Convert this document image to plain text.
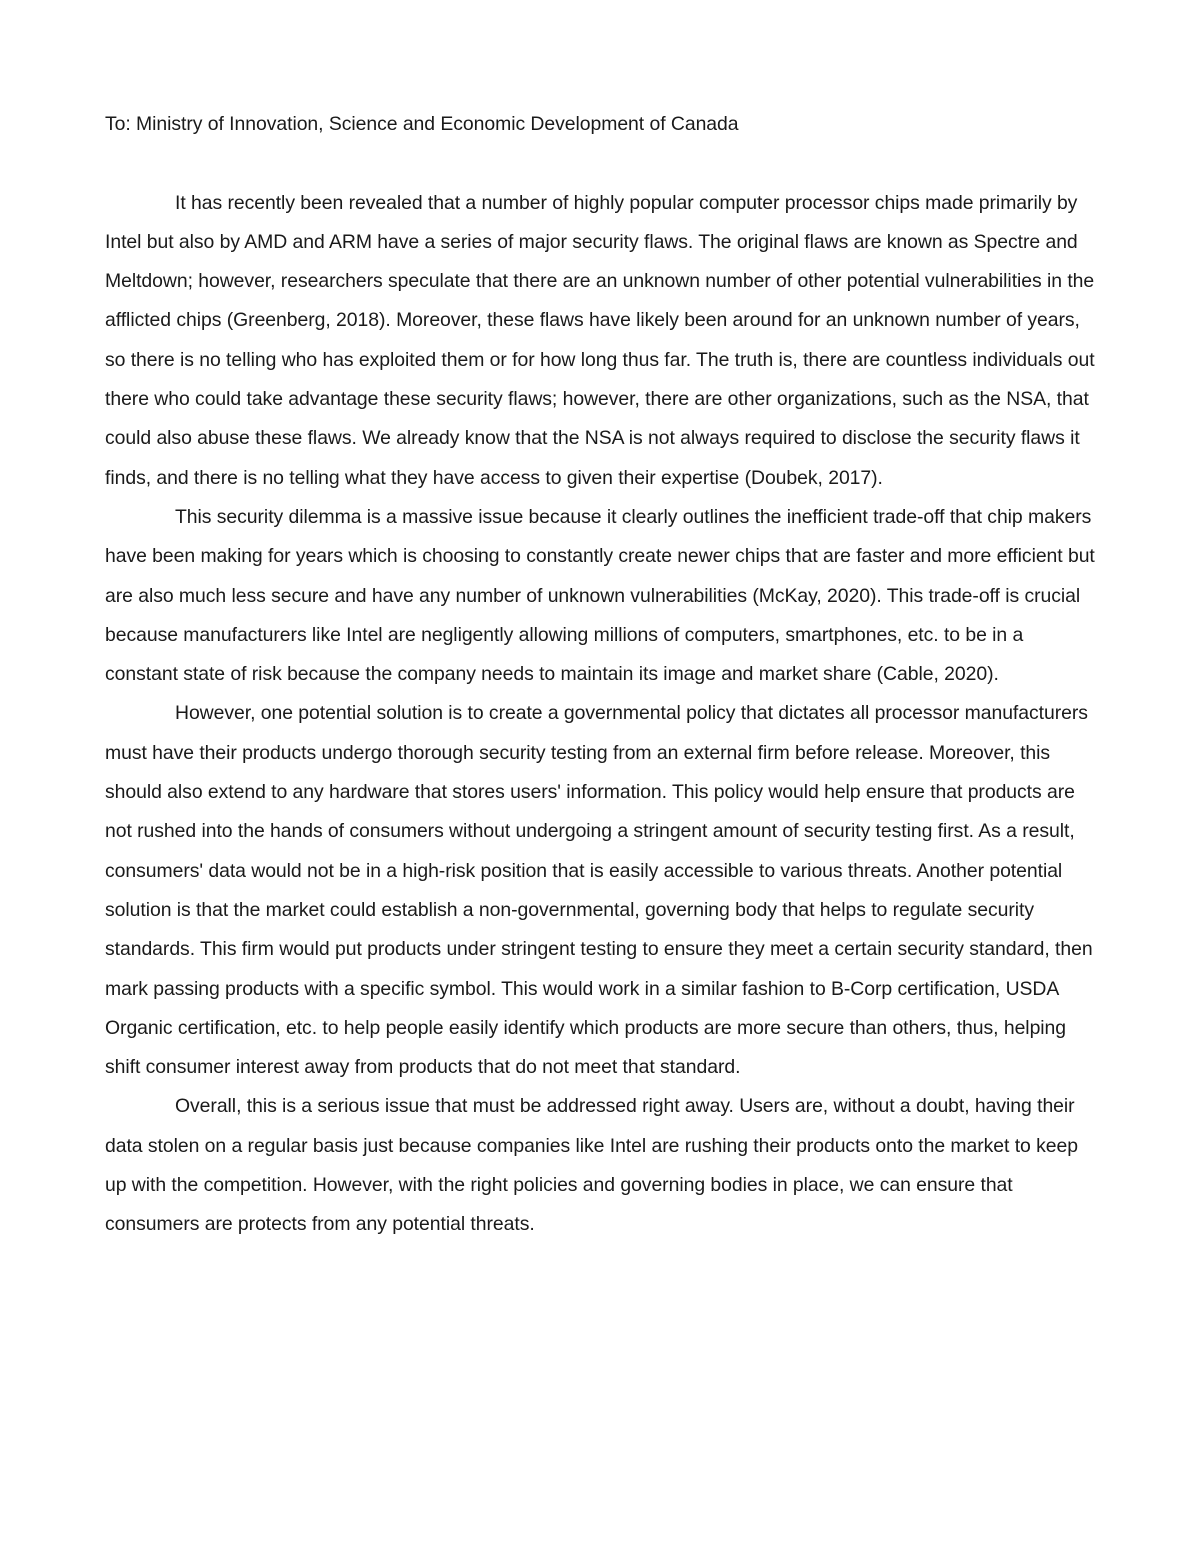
To: Ministry of Innovation, Science and Economic Development of Canada

It has recently been revealed that a number of highly popular computer processor chips made primarily by Intel but also by AMD and ARM have a series of major security flaws. The original flaws are known as Spectre and Meltdown; however, researchers speculate that there are an unknown number of other potential vulnerabilities in the afflicted chips (Greenberg, 2018). Moreover, these flaws have likely been around for an unknown number of years, so there is no telling who has exploited them or for how long thus far. The truth is, there are countless individuals out there who could take advantage these security flaws; however, there are other organizations, such as the NSA, that could also abuse these flaws. We already know that the NSA is not always required to disclose the security flaws it finds, and there is no telling what they have access to given their expertise (Doubek, 2017).

This security dilemma is a massive issue because it clearly outlines the inefficient trade-off that chip makers have been making for years which is choosing to constantly create newer chips that are faster and more efficient but are also much less secure and have any number of unknown vulnerabilities (McKay, 2020). This trade-off is crucial because manufacturers like Intel are negligently allowing millions of computers, smartphones, etc. to be in a constant state of risk because the company needs to maintain its image and market share (Cable, 2020).

However, one potential solution is to create a governmental policy that dictates all processor manufacturers must have their products undergo thorough security testing from an external firm before release. Moreover, this should also extend to any hardware that stores users' information. This policy would help ensure that products are not rushed into the hands of consumers without undergoing a stringent amount of security testing first. As a result, consumers' data would not be in a high-risk position that is easily accessible to various threats. Another potential solution is that the market could establish a non-governmental, governing body that helps to regulate security standards. This firm would put products under stringent testing to ensure they meet a certain security standard, then mark passing products with a specific symbol. This would work in a similar fashion to B-Corp certification, USDA Organic certification, etc. to help people easily identify which products are more secure than others, thus, helping shift consumer interest away from products that do not meet that standard.

Overall, this is a serious issue that must be addressed right away. Users are, without a doubt, having their data stolen on a regular basis just because companies like Intel are rushing their products onto the market to keep up with the competition. However, with the right policies and governing bodies in place, we can ensure that consumers are protects from any potential threats.
